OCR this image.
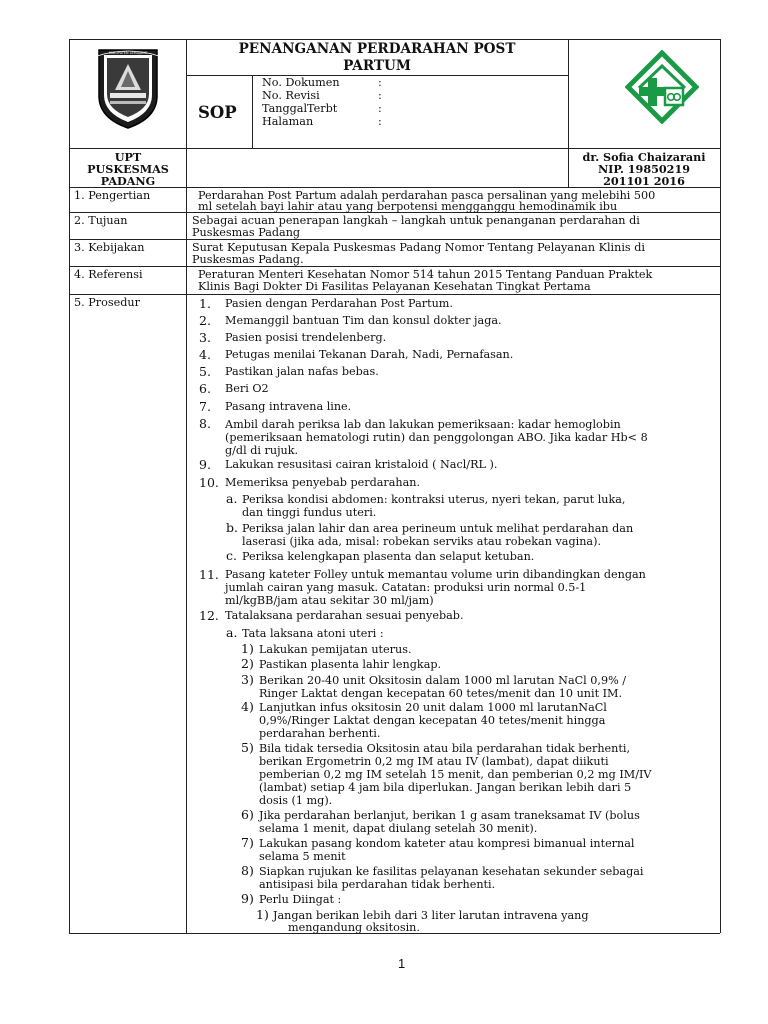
KABUPATEN LEMAJANG	PENANGANAN PERDARAHAN POST
PARTUM
SOP
No. Dokumen	:
No. Revisi	:
TanggalTerbt	:
Halaman	:
UPT
PUSKESMAS
PADANG
dr. Sofia Chaizarani
NIP. 19850219
201101 2016
1. Pengertian	Perdarahan Post Partum adalah perdarahan pasca persalinan yang melebihi 500
ml setelah bayi lahir atau yang berpotensi mengganggu hemodinamik ibu
2. Tujuan	Sebagai acuan penerapan langkah – langkah untuk penanganan perdarahan di
Puskesmas Padang
3. Kebijakan	Surat Keputusan Kepala Puskesmas Padang Nomor Tentang Pelayanan Klinis di
Puskesmas Padang.
4. Referensi	Peraturan Menteri Kesehatan Nomor 514 tahun 2015 Tentang Panduan Praktek
Klinis Bagi Dokter Di Fasilitas Pelayanan Kesehatan Tingkat Pertama
5. Prosedur	1. Pasien dengan Perdarahan Post Partum.
2. Memanggil bantuan Tim dan konsul dokter jaga.
3. Pasien posisi trendelenberg.
4. Petugas menilai Tekanan Darah, Nadi, Pernafasan.
5. Pastikan jalan nafas bebas.
6. Beri O2
7. Pasang intravena line.
8. Ambil darah periksa lab dan lakukan pemeriksaan: kadar hemoglobin
(pemeriksaan hematologi rutin) dan penggolongan ABO. Jika kadar Hb< 8
g/dl di rujuk.
9. Lakukan resusitasi cairan kristaloid ( Nacl/RL ).
10. Memeriksa penyebab perdarahan.
a. Periksa kondisi abdomen: kontraksi uterus, nyeri tekan, parut luka,
dan tinggi fundus uteri.
b. Periksa jalan lahir dan area perineum untuk melihat perdarahan dan
laserasi (jika ada, misal: robekan serviks atau robekan vagina).
c. Periksa kelengkapan plasenta dan selaput ketuban.
11. Pasang kateter Folley untuk memantau volume urin dibandingkan dengan
jumlah cairan yang masuk. Catatan: produksi urin normal 0.5-1
ml/kgBB/jam atau sekitar 30 ml/jam)
12. Tatalaksana perdarahan sesuai penyebab.
a. Tata laksana atoni uteri :
1) Lakukan pemijatan uterus.
2) Pastikan plasenta lahir lengkap.
3) Berikan 20-40 unit Oksitosin dalam 1000 ml larutan NaCl 0,9% /
Ringer Laktat dengan kecepatan 60 tetes/menit dan 10 unit IM.
4) Lanjutkan infus oksitosin 20 unit dalam 1000 ml larutanNaCl
0,9%/Ringer Laktat dengan kecepatan 40 tetes/menit hingga
perdarahan berhenti.
5) Bila tidak tersedia Oksitosin atau bila perdarahan tidak berhenti,
berikan Ergometrin 0,2 mg IM atau IV (lambat), dapat diikuti
pemberian 0,2 mg IM setelah 15 menit, dan pemberian 0,2 mg IM/IV
(lambat) setiap 4 jam bila diperlukan. Jangan berikan lebih dari 5
dosis (1 mg).
6) Jika perdarahan berlanjut, berikan 1 g asam traneksamat IV (bolus
selama 1 menit, dapat diulang setelah 30 menit).
7) Lakukan pasang kondom kateter atau kompresi bimanual internal
selama 5 menit
8) Siapkan rujukan ke fasilitas pelayanan kesehatan sekunder sebagai
antisipasi bila perdarahan tidak berhenti.
9) Perlu Diingat :
1) Jangan berikan lebih dari 3 liter larutan intravena yang
mengandung oksitosin.
1
